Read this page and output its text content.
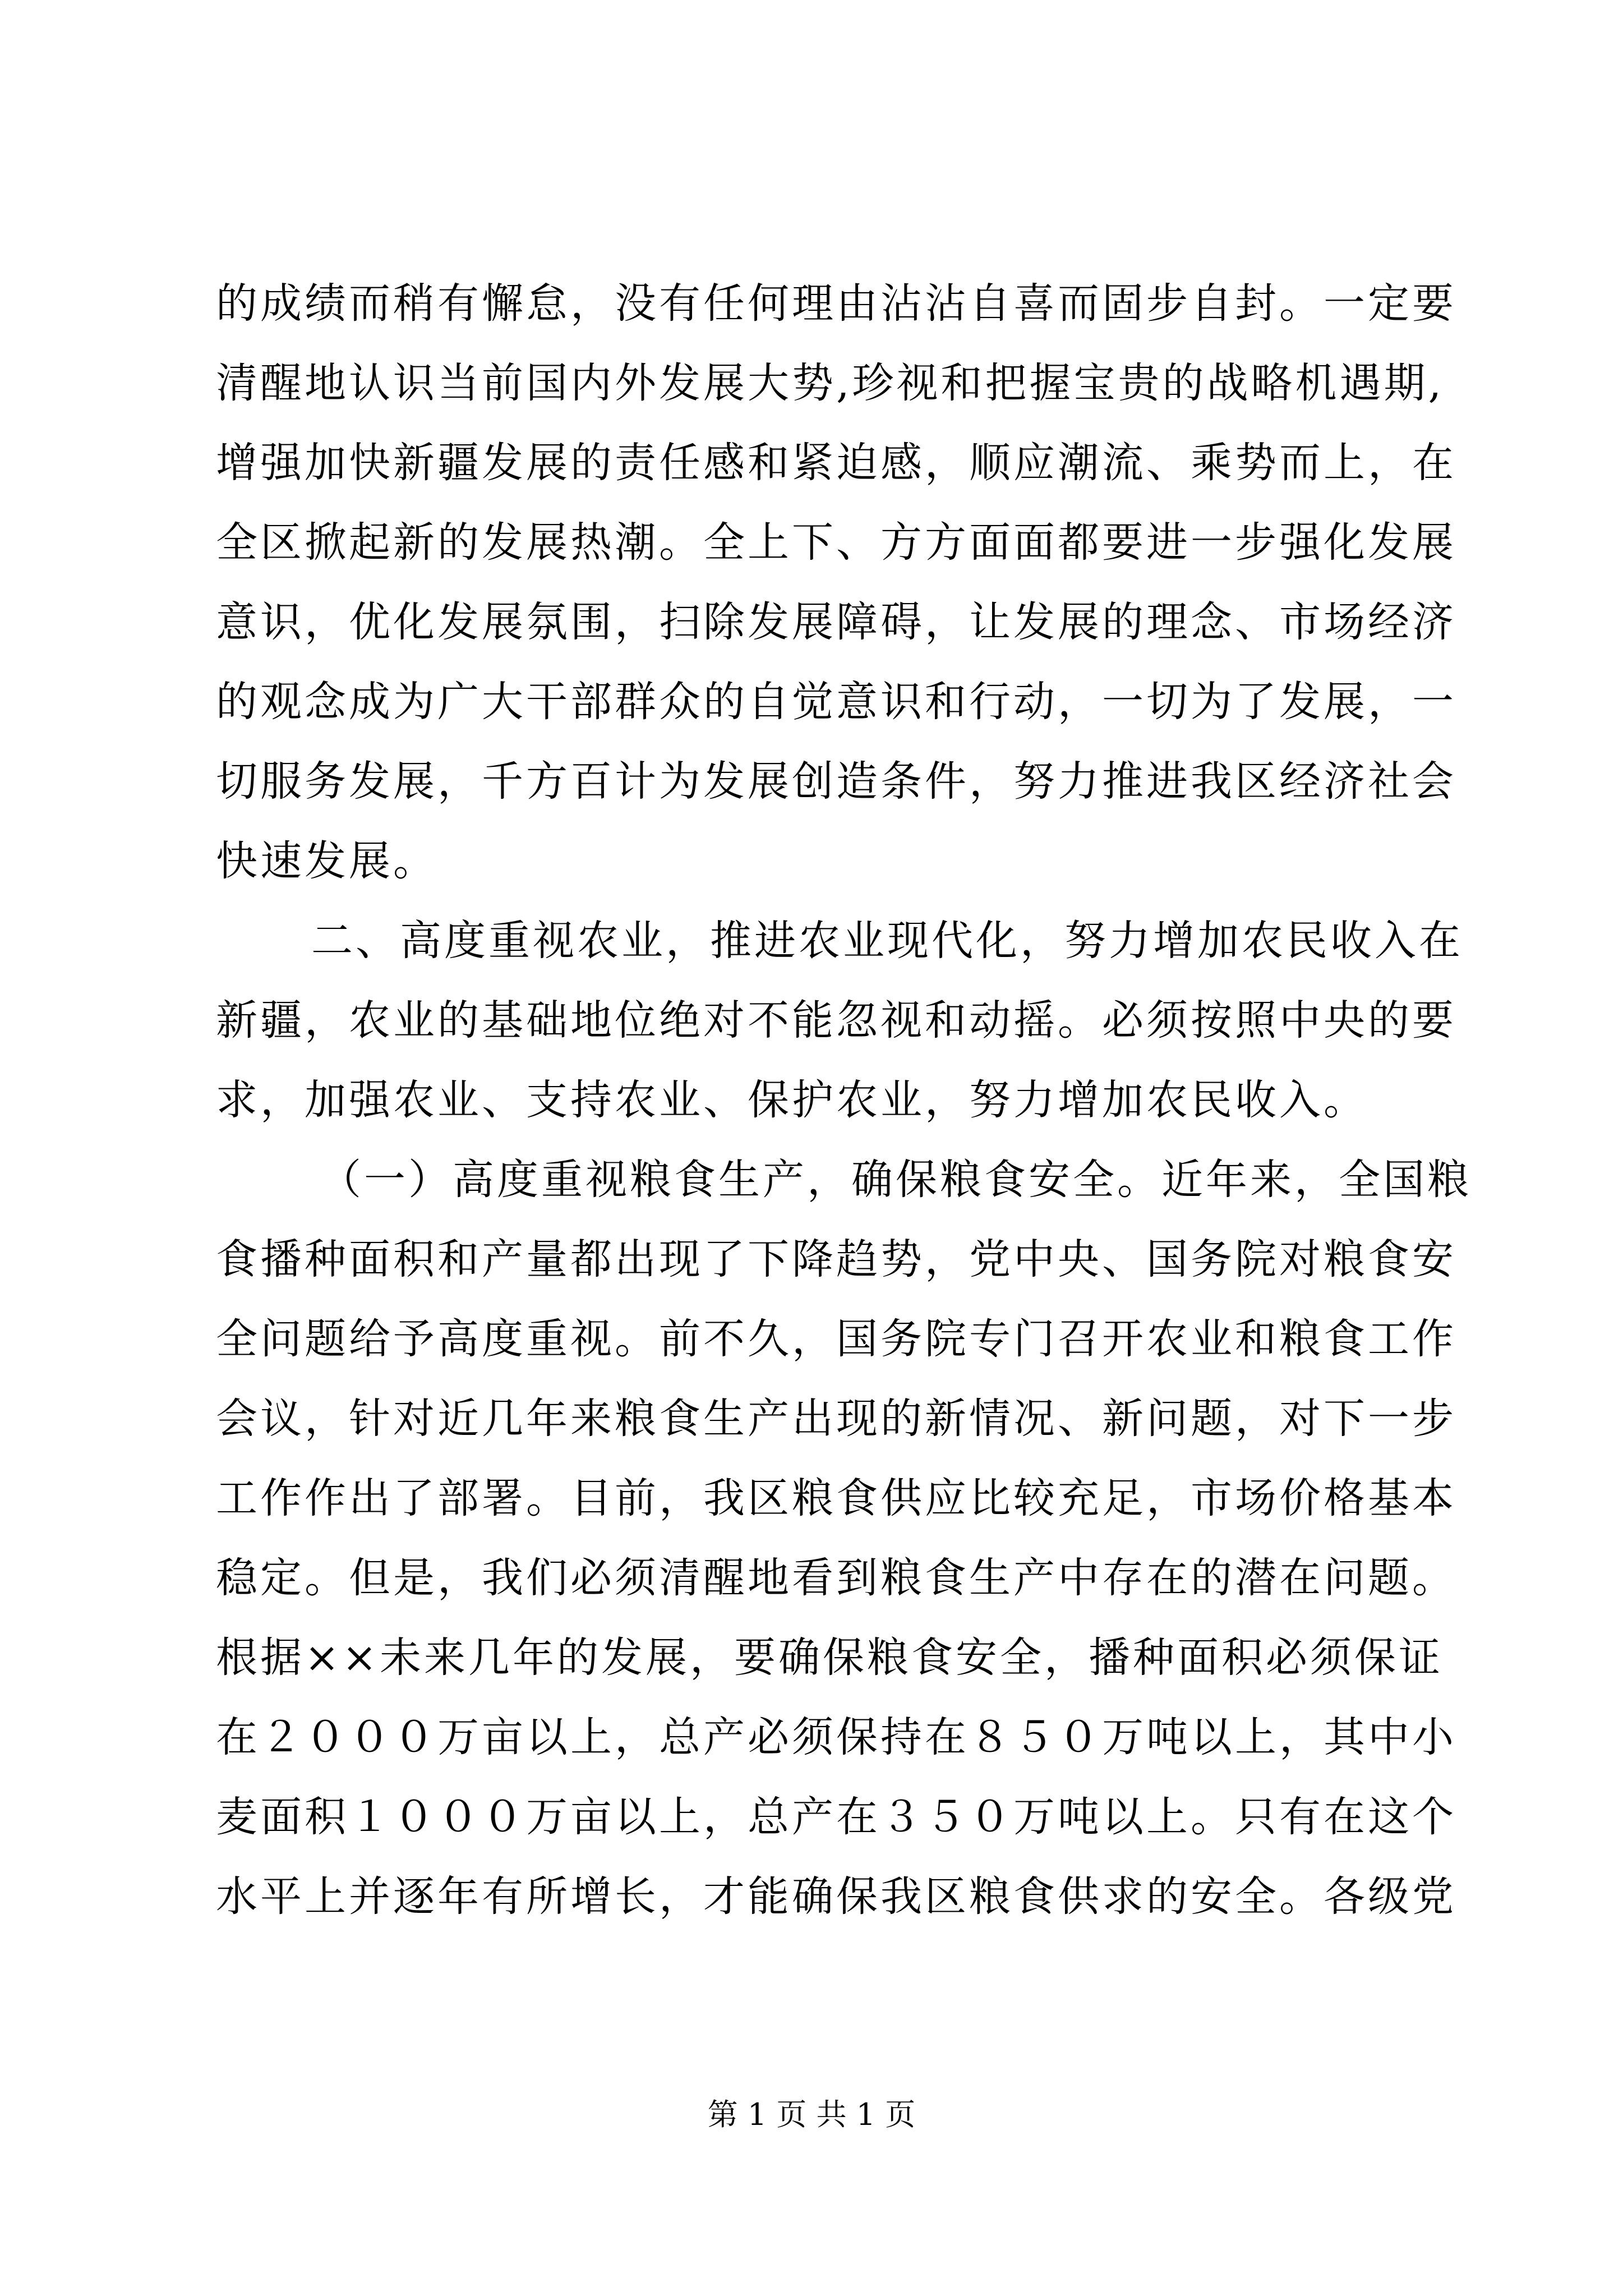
的成绩而稍有懈怠，没有任何理由沾沾自喜而固步自封。一定要
清醒地认识当前国内外发展大势,珍视和把握宝贵的战略机遇期,
增强加快新疆发展的责任感和紧迫感，顺应潮流、乘势而上，在
全区掀起新的发展热潮。全上下、方方面面都要进一步强化发展
意识，优化发展氛围，扫除发展障碍，让发展的理念、市场经济
的观念成为广大干部群众的自觉意识和行动，一切为了发展，一
切服务发展，千方百计为发展创造条件，努力推进我区经济社会
快速发展。
二、高度重视农业，推进农业现代化，努力增加农民收入在
新疆，农业的基础地位绝对不能忽视和动摇。必须按照中央的要
求，加强农业、支持农业、保护农业，努力增加农民收入。
（一）高度重视粮食生产，确保粮食安全。近年来，全国粮
食播种面积和产量都出现了下降趋势，党中央、国务院对粮食安
全问题给予高度重视。前不久，国务院专门召开农业和粮食工作
会议，针对近几年来粮食生产出现的新情况、新问题，对下一步
工作作出了部署。目前，我区粮食供应比较充足，市场价格基本
稳定。但是，我们必须清醒地看到粮食生产中存在的潜在问题。
根据××未来几年的发展，要确保粮食安全，播种面积必须保证
在２０００万亩以上，总产必须保持在８５０万吨以上，其中小
麦面积１０００万亩以上，总产在３５０万吨以上。只有在这个
水平上并逐年有所增长，才能确保我区粮食供求的安全。各级党
第 1 页 共 1 页
